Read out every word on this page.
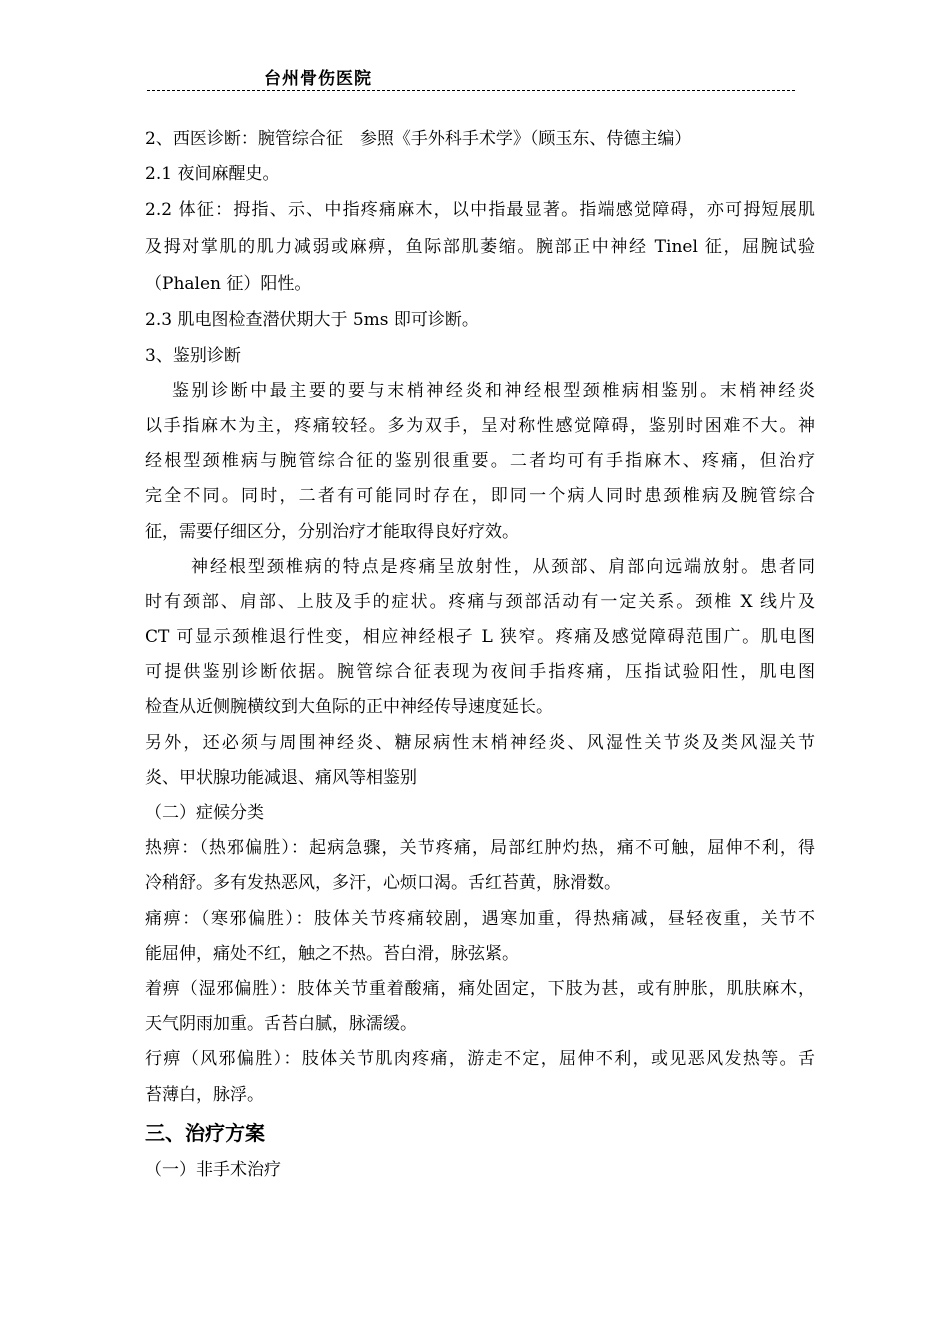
台州骨伤医院
2、西医诊断：腕管综合征　参照《手外科手术学》（顾玉东、侍德主编）
2.1 夜间麻醒史。
2.2 体征：拇指、示、中指疼痛麻木，以中指最显著。指端感觉障碍，亦可拇短展肌
及拇对掌肌的肌力减弱或麻痹，鱼际部肌萎缩。腕部正中神经 Tinel 征，屈腕试验
（Phalen 征）阳性。
2.3 肌电图检查潜伏期大于 5ms 即可诊断。
3、鉴别诊断
鉴别诊断中最主要的要与末梢神经炎和神经根型颈椎病相鉴别。末梢神经炎
以手指麻木为主，疼痛较轻。多为双手，呈对称性感觉障碍，鉴别时困难不大。神
经根型颈椎病与腕管综合征的鉴别很重要。二者均可有手指麻木、疼痛，但治疗
完全不同。同时，二者有可能同时存在，即同一个病人同时患颈椎病及腕管综合
征，需要仔细区分，分别治疗才能取得良好疗效。
神经根型颈椎病的特点是疼痛呈放射性，从颈部、肩部向远端放射。患者同
时有颈部、肩部、上肢及手的症状。疼痛与颈部活动有一定关系。颈椎 X 线片及
CT 可显示颈椎退行性变，相应神经根孑 L 狭窄。疼痛及感觉障碍范围广。肌电图
可提供鉴别诊断依据。腕管综合征表现为夜间手指疼痛，压指试验阳性，肌电图
检查从近侧腕横纹到大鱼际的正中神经传导速度延长。
另外，还必须与周围神经炎、糖尿病性末梢神经炎、风湿性关节炎及类风湿关节
炎、甲状腺功能减退、痛风等相鉴别
（二）症候分类
热痹：（热邪偏胜）：起病急骤，关节疼痛，局部红肿灼热，痛不可触，屈伸不利，得
冷稍舒。多有发热恶风，多汗，心烦口渴。舌红苔黄，脉滑数。
痛痹：（寒邪偏胜）：肢体关节疼痛较剧，遇寒加重，得热痛减，昼轻夜重，关节不
能屈伸，痛处不红，触之不热。苔白滑，脉弦紧。
着痹（湿邪偏胜）：肢体关节重着酸痛，痛处固定，下肢为甚，或有肿胀，肌肤麻木，
天气阴雨加重。舌苔白腻，脉濡缓。
行痹（风邪偏胜）：肢体关节肌肉疼痛，游走不定，屈伸不利，或见恶风发热等。舌
苔薄白，脉浮。
三、治疗方案
（一）非手术治疗
